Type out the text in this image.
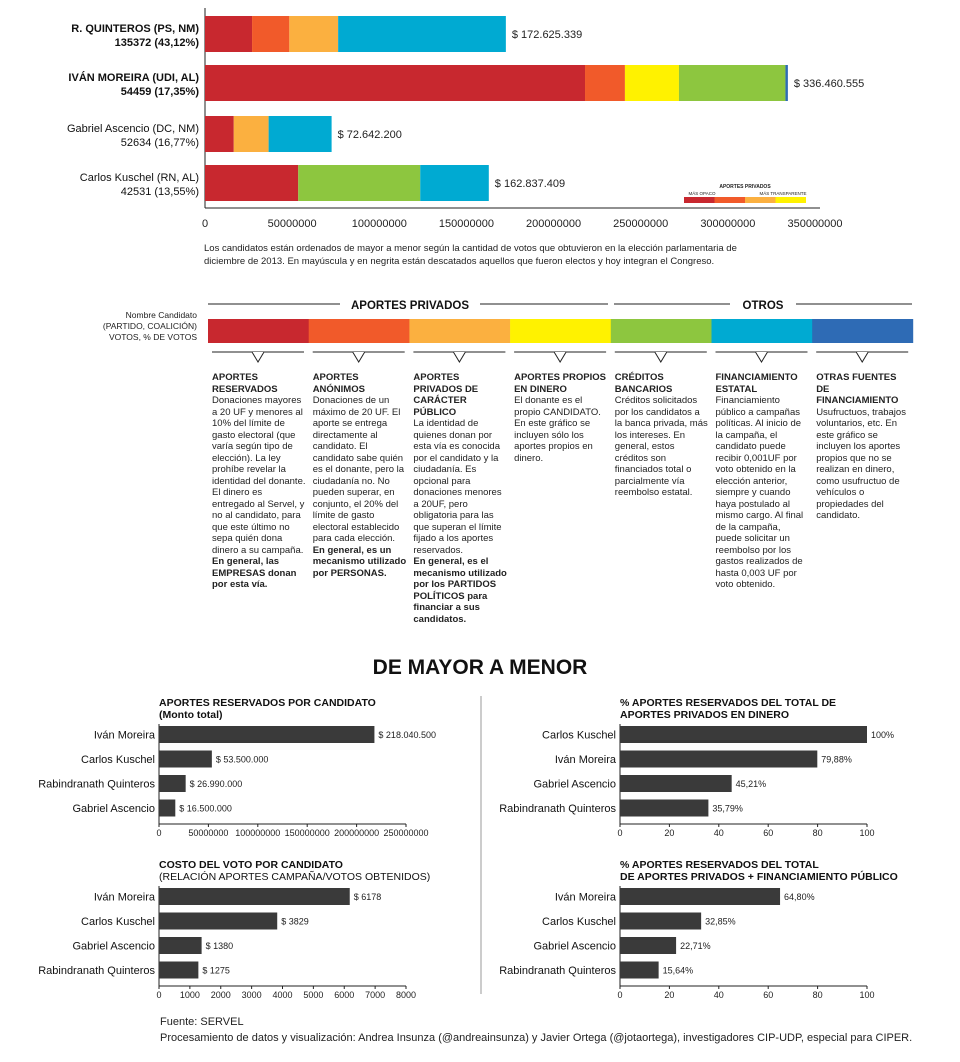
0	50000000	100000000	150000000	200000000	250000000	300000000	350000000
$ 172.625.339
R. QUINTEROS (PS, NM)
135372 (43,12%)
$ 336.460.555
IVÁN MOREIRA (UDI, AL)
54459 (17,35%)
$ 72.642.200
Gabriel Ascencio (DC, NM)
52634 (16,77%)
$ 162.837.409
Carlos Kuschel (RN, AL)
42531 (13,55%)	APORTES PRIVADOS
MÁS OPACO	MÁS TRANSPARENTE
Los candidatos están ordenados de mayor a menor según la cantidad de votos que obtuvieron en la elección parlamentaria de diciembre de 2013. En mayúscula y en negrita están descatados aquellos que fueron electos y hoy integran el Congreso.
Nombre Candidato
(PARTIDO, COALICIÓN)
VOTOS, % DE VOTOS
APORTES PRIVADOS	OTROS
APORTES RESERVADOS
Donaciones mayores a 20 UF y menores al 10% del límite de gasto electoral (que varía según tipo de elección). La ley prohíbe revelar la identidad del donante. El dinero es entregado al Servel, y no al candidato, para que este último no sepa quién dona dinero a su campaña.
En general, las EMPRESAS donan por esta vía.
APORTES ANÓNIMOS
Donaciones de un máximo de 20 UF. El aporte se entrega directamente al candidato. El candidato sabe quién es el donante, pero la ciudadanía no. No pueden superar, en conjunto, el 20% del límite de gasto electoral establecido para cada elección.
En general, es un mecanismo utilizado por PERSONAS.
APORTES PRIVADOS DE CARÁCTER PÚBLICO
La identidad de quienes donan por esta vía es conocida por el candidato y la ciudadanía. Es opcional para donaciones menores a 20UF, pero obligatoria para las que superan el límite fijado a los aportes reservados.
En general, es el mecanismo utilizado por los PARTIDOS POLÍTICOS para financiar a sus candidatos.
APORTES PROPIOS EN DINERO
El donante es el propio CANDIDATO. En este gráfico se incluyen sólo los aportes propios en dinero.
CRÉDITOS BANCARIOS
Créditos solicitados por los candidatos a la banca privada, más los intereses. En general, estos créditos son financiados total o parcialmente vía reembolso estatal.
FINANCIAMIENTO ESTATAL
Financiamiento público a campañas políticas. Al inicio de la campaña, el candidato puede recibir 0,001UF por voto obtenido en la elección anterior, siempre y cuando haya postulado al mismo cargo. Al final de la campaña, puede solicitar un reembolso por los gastos realizados de hasta 0,003 UF por voto obtenido.
OTRAS FUENTES DE FINANCIAMIENTO
Usufructuos, trabajos voluntarios, etc. En este gráfico se incluyen los aportes propios que no se realizan en dinero, como usufructuo de vehículos o propiedades del candidato.
DE MAYOR A MENOR
APORTES RESERVADOS POR CANDIDATO
(Monto total)
Iván Moreira	$ 218.040.500
Carlos Kuschel	$ 53.500.000
Rabindranath Quinteros	$ 26.990.000
Gabriel Ascencio	$ 16.500.000
0	50000000 100000000 150000000 200000000 250000000
% APORTES RESERVADOS DEL TOTAL DE
APORTES PRIVADOS EN DINERO
Carlos Kuschel	100%
Iván Moreira	79,88%
Gabriel Ascencio	45,21%
Rabindranath Quinteros	35,79%
0	20	40	60	80	100
COSTO DEL VOTO POR CANDIDATO
(RELACIÓN APORTES CAMPAÑA/VOTOS OBTENIDOS)
Iván Moreira	$ 6178
Carlos Kuschel	$ 3829
Gabriel Ascencio	$ 1380
Rabindranath Quinteros	$ 1275
0 1000 2000 3000 4000 5000 6000 7000 8000
% APORTES RESERVADOS DEL TOTAL
DE APORTES PRIVADOS + FINANCIAMIENTO PÚBLICO
Iván Moreira	64,80%
Carlos Kuschel	32,85%
Gabriel Ascencio	22,71%
Rabindranath Quinteros	15,64%
0	20	40	60	80	100
Fuente: SERVEL
Procesamiento de datos y visualización: Andrea Insunza (@andreainsunza) y Javier Ortega (@jotaortega), investigadores CIP-UDP, especial para CIPER.
